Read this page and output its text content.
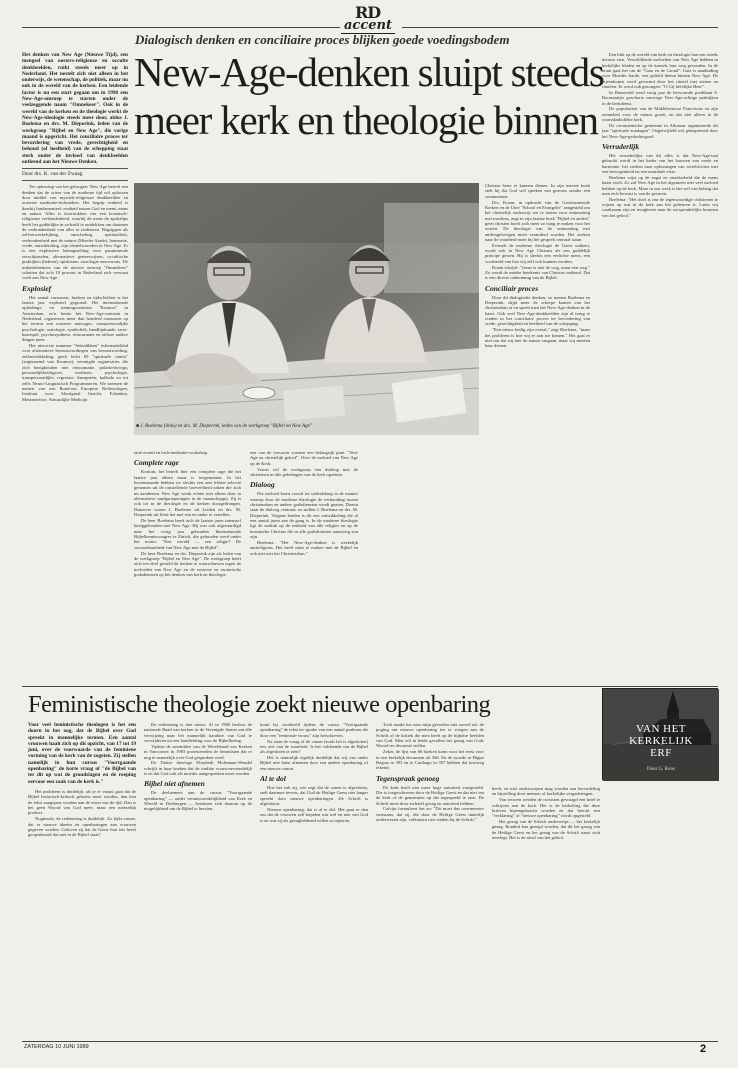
RD
accent
Dialogisch denken en conciliaire proces blijken goede voedingsbodem
New-Age-denken sluipt steeds
meer kerk en theologie binnen
Het denken van New Age (Nieuwe Tijd), een mengsel van oosters-religieuze en occulte denkbeelden, ruikt steeds meer op in Nederland. Het nestelt zich niet alleen in het onderwijs, de wetenschap, de politiek, maar nu ook in de wereld van de kerken. Een leidende factor is nu een start gegaan om in 1990 een New-Age-omroep te starten onder de veelzeggende naam "Omnekeer". Ook in de wereld van de kerken en de theologie werkt de New-Age-ideologie steeds meer door, aldus J. Boelema en drs. M. Dieperink, leden van de werkgroep "Bijbel en New Age", die vorige maand is opgericht. Het conciliaire proces ter bevordering van vrede, gerechtigheid en behoud (of heelheid) van de schepping staat sterk onder de invloed van denkbeelden ontleend aan het Nieuwe Denken.
Door drs. K. van der Zwaag

Ter oplossing van het gebrogen: New Age betreft een denken dat de crises van de moderne tijd wil oplossen door middel van mystiek-religieuze denkbeelden en oosterse meditatie-technieken. Het begrip eenheid is daarbij fundamenteel: eenheid tussen God en mens, mens en natuur. Alles is doortrokken van een kosmisch-religieuze verbondenheid, waarbij de mens de apokalips heeft het goddelijke in zichzelf te ontdekken om daarmee de verbondenheid van alles te realiseren. Begrippen als zelfverwerkelijking, omscholing, spiritualiteit, verbondenheid met de natuur (Moeder Aarde), harmonie, vrede, ontwikkeling, zijn sleutelwoorden in New Age. Er is een explosieve belangstelling voor paranormale verschijnselen, alternatieve geneeswijzen, occultische praktijken (heksen), spiritisme, astrologie enzovoorts. De initiatiefnemers van de nieuwe omroep "Ommekeer" schatten dat zo'n 10 procent in Nederland zich verwant voelt aan New Age.

Explosief

Het aantal cursussen, boeken en tijdschriften is het laatste jaar explosief gegroeid. Het internationale opleidings- en trainingscentrum "Kosmos" in Amsterdam, zo'n bestie het New-Age-centrum in Nederland, organiseert meer dan honderd cursussen op het terrein van oosterse massages, transpersoonlijke psychologie, astrologie, symboliek, handlijnkunde, tarot-kaartspel, psychosynthese, reïncarnatie en talloze andere dingen meer.

Het nieuwste nummer "Seitedikken" informatieblad voor alternatieve bewustwordingen van bewustwording, zelfontwikkeling, geeft liefst 69 "spirituele centra" (zogenaamd van Kosmos), verenigde organisaties die zich bezighouden met reïncarnatie, polariteitsvoga, persoonlijkheidsgroei, esotherie, psychologie, transpersoonlijke, regressie, therapieën, kabbala en tot zelfs Neuro-Linguïstisch Programmeren. We noemen de namen van een Rond-om Europese Reflexologen, Instituut voor Aboriginal Inzicht, Eckankar, Metamorfose, Natuurlijke Medicijn.

■ J. Boelema (links) en drs. M. Dieperink, leden van de werkgroep "Bijbel en New Age"

tatie-avond en lach-meditatie-workshop.

Complete rage

Kortom, het betreft hier een complete rage die het laatste jaar alleen maar is toegenomen. In het bovenstaande hebben we slechts een zeer kleine selectie genomen uit de ontstellende hoeveelheid zaken die zich nu aandienen. New Age werkt echter niet alleen door in alternatieve randgroeperingen in de maatschappij. Zij is ook tot in de theologie en de kerken doorgedrongen. Daarover waren J. Boelema uit Leiden en drs. M. Dieperink uit Zeist het met een en ander te vertellen.

De heer Boelema heeft zich de laatste jaren intensief beziggehouden met New Age. Hij was ook afgevaardigd naar het vorig jaar gehouden Internationale Bijbelkenniscongres te Zürich, die gehouden werd onder het motto: "Een wereld — een religie? De verzoenbaarheid van New Age met de Bijbel".

De heer Boelema en drs. Dieperink zijn als leden van de werkgroep "Bijbel en New Age". De werkgroep heeft zich ten doel gesteld de kerken te waarschuwen tegen de invloeden van New Age en de oosterse en esoterische godsdiensten op het denken van kerk en theologie.

een van de vrouwen vormen een belangrijk punt. "New Age en christelijk geloof". Over de invloed van New Age op de Kerk.

Voorts wil de werkgroep een dialoog met de christenen in alle geledingen van de kerk opzetten.

Dialoog

Die invloed komt vooral tot uitdrukking in de manier waarop door de moderne theologie de verhouding tussen christendom en andere godsdiensten wordt gezien. Daarin staat de dialoog centraal, zo stellen J. Boelema en drs. M. Dieperink. Volgens beiden is dit een ontwikkeling die al een aantal jaren aan de gang is. In de moderne theologie ligt de nadruk op de eenheid van alle religies en op de kosmische Christus die in alle godsdiensten aanwezig zou zijn.

Boelema: "Het New-Age-denken is werkelijk antireligieus. Het heeft niets te maken met de Bijbel en ook niet met het Christendom."

Christus heter te kunnen dienen. In zijn meeste boek stelt hij dat God wel spreken van goeroes zonder een commentaar.

Drs. Kraan, in opdracht van de Gereformeerde Kerken en de Unie "School en Evangelie" aangesteld om het christelijk onderwijs toe te rusten voor ontmoeting met moslims, zegt in zijn laatste boek "Bijbel en anders" geen christen hoeft zich meer zo bang te maken voor het oosten. De theologie van de ontmoeting met andersgelovigen moet veranderd worden. Het zoeken naar de waarheid moet bij het gesprek centraal staan.

Evenals de moderne theologie de Geest ontkent, wordt ook in New Age Christus als een goddelijk principe gezien. Hij is slechts een verlichte mens, een voorbeeld van hoe wij zelf ook kunnen worden.

Kraan schrijft: "Jezus is niet de weg, maar een weg." Zo wordt de unieke betekenis van Christus ontkend. Dat is een directe ontkenning van de Bijbel.

Conciliair proces

Door dit dialogische denken, zo menen Boelema en Dieperink, slijpt meer de scherpe kanten van het christendom af en speelt men het New-Age-denken in de kaart. Ook veel New-Age-denkbeelden zijn al terug te vinden in het conciliaire proces ter bevordering van vrede, gerechtigheid en heelheid van de schepping.

"Een nieuw heilig zijn overal," zegt Boelema, "maar het probleem is hoe wij er aan toe komen." Het gaat er niet om dat wij met de natuur omgaan, maar wij moeten haar dienen.

Een blik op de wereld van kerk en theologie laat een steeds nieuwe zien. Verschillende invloeden van New Age hebben in kerkelijke bladen en op de kansels hun weg gevonden. In de krant gaat het om de "Gaia en de Grond". Gaia is aanduiding voor Moeder Aarde, een geliefd thema binnen New Age. De bijeenkomst werd gevormd door het ritueel met stenen en rituelen. Er werd ook gezongen: "O Gij liefelijke Heer".

In Barneveld werd vorig jaar de hervormde predikant S. Boonzaaijer geschorst vanwege New-Age-achtige praktijken in de kerkdienst.

De populariteit van de Middeleeuwse Franciscus en zijn zonnelied voor de natuur groeit, en dat niet alleen in de roomskatholieke kerk.

De oecumenische gemeente in Alkmaar organiseerde dit jaar "spirituele zondagen". Ongetwijfeld wel geïnspireerd door het New-Age-gedachtegoed.

Verraderlijk

Het verraderlijke van dit alles is dat New-Age-taal gebruikt wordt in het kader van het bouwen van vrede en harmonie, het zoeken naar oplossingen van wereldcrises met een bewogenheid en een mondiale visie.

Boelema wijst op de angst en onzekerheid die de mens haast voelt. Zo zal New Age in het algemeen niet veel invloed hebben op de kerk. Maar in ons werk is het wel van belang dat men zich bewust is van de gevaren.

Boelema: "Het doel is om de tegenwoordige christenen te wijzen op wat in de kerk aan het gebeuren is. Laten wij waakzaam zijn en terugkeren naar de oorspronkelijke bronnen van het geloof."

Feministische theologie zoekt nieuwe openbaring
VAN HET
KERKELIJK
ERF
Door G. Roos
Voor veel feministische theologen is het een doorn in het oog, dat de Bijbel over God spreekt in mannelijke termen. Een aantal vrouwen haalt zich op dit opzicht, van 17 tot 19 juni, over de voorwaarde van de feminiene vorming van de kerk van de zogeten. Zij stellen namelijk in hun cursus "Voortgaande openbaring" de korte vraag of "de Bijbel van ter dit op wat de grondslagen en de roeping eervoor een zaak van de kerk is."

Het probleem is duidelijk: als je er vanuit gaat dat de Bijbel historisch-kritisch gelezen moet worden, dan kan de tekst aangepast worden aan de eisen van de tijd. Dan is het geen Woord van God meer, maar een menselijk product.

Nogmaals, de redenering is duidelijk. Zo kijkt ernaar, dat er nieuwe ideeën en openbaringen aan vrouwen gegeven worden. Geloven zij dat de Geest hun iets heeft geopenbaard dat niet in de Bijbel staat?

De redenering is niet nieuw. Al in 1980 besloot de nationale Raad van kerken in de Verenigde Staten om alle verwijzing naar het mannelijk karakter van God te verwijderen uit een handleiding voor de Bijbellezing.

Tijdens de assemblee van de Wereldraad van Kerken in Vancouver in 1983 protesteerden de feministen dat er nog te mannelijk over God gesproken werd.

De Duitse theologe Elisabeth Moltmann-Wendel schrijft in haar boeken dat de traditie vrouwonvriendelijk is en dat God ook als moeder aangesproken moet worden.

Bijbel niet afnemen

De deelnemers aan de cursus "Voortgaande openbaring" — onder verantwoordelijkheid van Kerk en Wereld in Driebergen — bezinnen zich daarom op de mogelijkheid om de Bijbel te herzien.

komt bij voorbeeld tijdens de cursus "Voortgaande openbaring" de tekst ter sprake van een aantal psalmen die door een "feministe-vrouw" zijn herschreven.

Na staat de vraag of de canon (zoals het is afgesloten) iets ziet van de waarheid. Is het voldoende om de Bijbel als afgesloten te zien?

Het is natuurlijk tegelijk duidelijk dat wij ons onder Bijbel niet laten afnemen door een andere openbaring of een nieuwe canon.

Al te dol

Hoe het ook zij, wie zegt dat de canon is afgesloten, stelt daarmee tevens, dat God de Heilige Geest niet langer spreekt door nieuwe openbaringen. De Schrift is afgesloten.

Nieuwe openbaring, dat is al te dol. Het gaat er dan om dat de vrouwen zelf bepalen wat wel en niet van God is en wat zij als gezaghebbend willen accepteren.

Toch maakt het naar mijn gevoelen niet zoveel uit: de poging om nieuwe openbaring toe te voegen aan de Schrift of de kritiek die men heeft op de bijbelse beelden van God. Men wil in beide gevallen het gezag van Gods Woord ter discussie stellen.

Zeker, de lijst van 66 boeken komt voor het eerst voor in een kerkelijk document uit 366. En de synode in Hippo Regius in 393 en te Carthago in 397 hebben dat kortweg erkend.

Tegenspraak genoeg

De kerk heeft niet meer hoge autoriteit vastgesteld. Die is toegeschreven door de Heilige Geest en dat niet om de kerk of de gemeenten op dat ingespeeld te zien. De Schrift moet door zichzelf gezag en autoriteit hebben.

Calvijn formuleert het zo: "Dit moet dus overmeester vaststaan, dat zij, die door de Heilige Geest innerlijk onderwezen zijn, volkomen rust vinden bij de Schrift."

heeft, en niet onderworpen mag worden aan beoordeling en bijstelling door mensen of kerkelijke vergaderingen.

Van tevoren werden de cursisten gevraagd een brief te schrijven aan de kerk. Het is de bedoeling dat deze brieven bijeengebracht worden en dat hieruit een "verklaring" of "nieuwe openbaring" wordt opgesteld.

Het gezag van de Schrift onderwerpt — het kerkelijk gezag. Ronduit kan gezegd worden, dat dit het gezag van de Heilige Geest en het gezag van de Schrift naast zich neerlegt. Het is de afval van het geloof.

ZATERDAG 10 JUNI 1989	2
